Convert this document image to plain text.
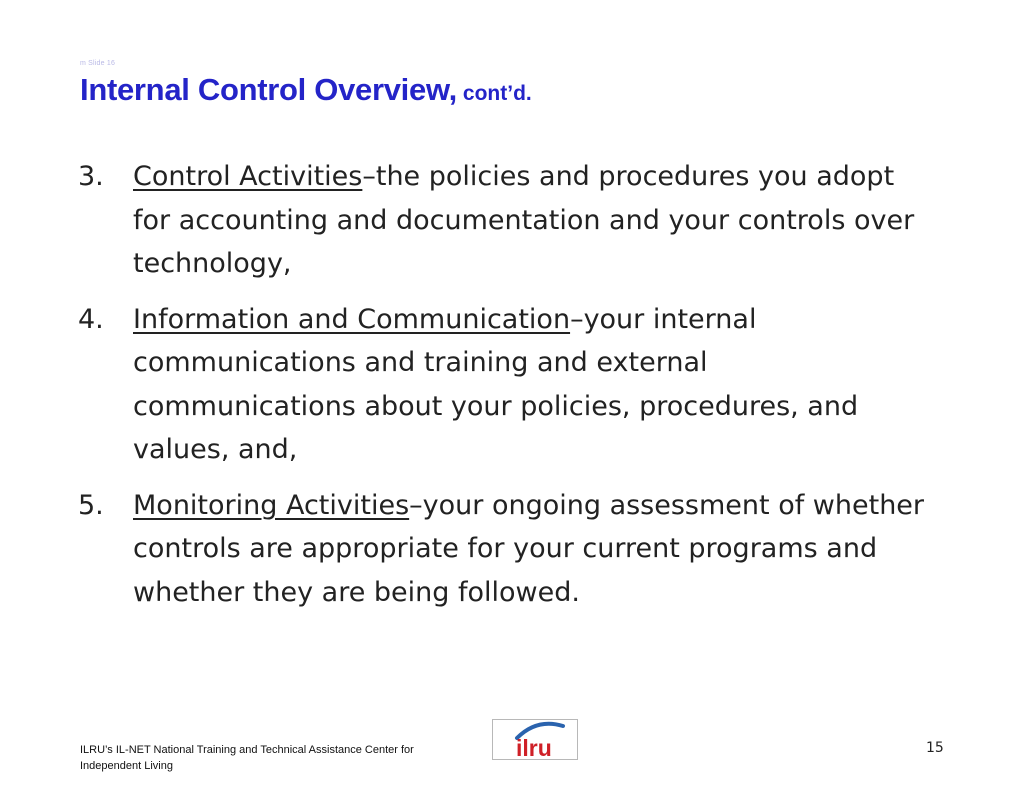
m Slide 16
Internal Control Overview, cont’d.
3. Control Activities–the policies and procedures you adopt for accounting and documentation and your controls over technology,
4. Information and Communication–your internal communications and training and external communications about your policies, procedures, and values, and,
5. Monitoring Activities–your ongoing assessment of whether controls are appropriate for your current programs and whether they are being followed.
ILRU’s IL-NET National Training and Technical Assistance Center for
Independent Living
ilru	15
